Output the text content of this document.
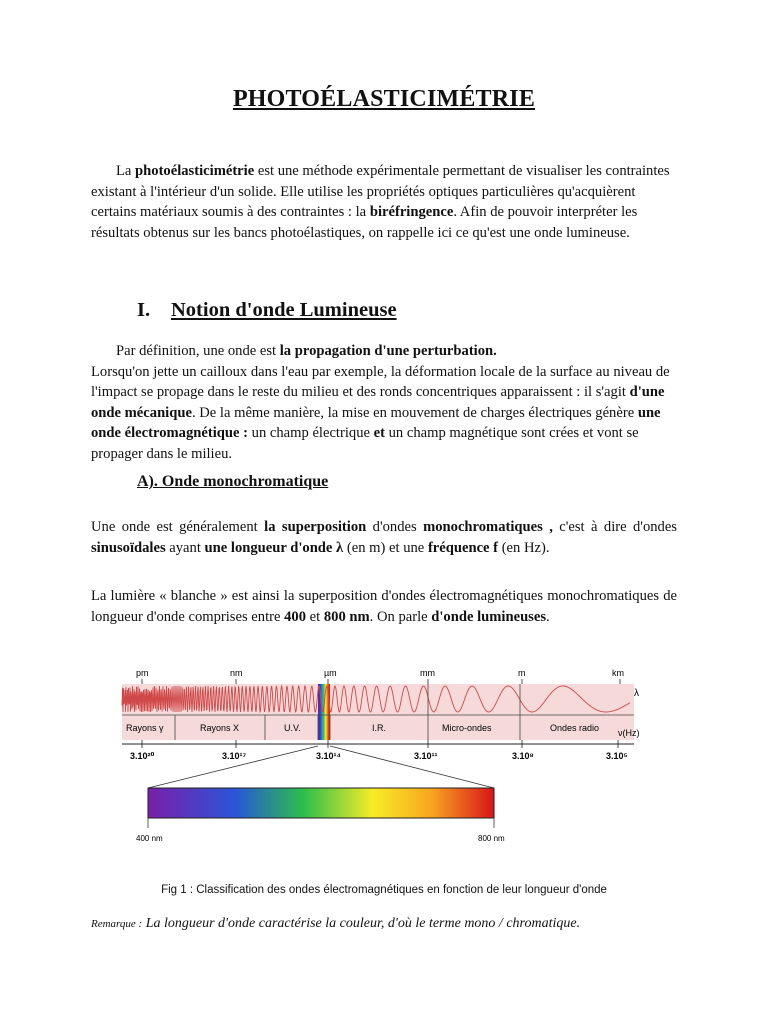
PHOTOÉLASTICIMÉTRIE
La photoélasticimétrie est une méthode expérimentale permettant de visualiser les contraintes existant à l'intérieur d'un solide. Elle utilise les propriétés optiques particulières qu'acquièrent certains matériaux soumis à des contraintes : la biréfringence. Afin de pouvoir interpréter les résultats obtenus sur les bancs photoélastiques, on rappelle ici ce qu'est une onde lumineuse.
I. Notion d'onde Lumineuse
Par définition, une onde est la propagation d'une perturbation.
Lorsqu'on jette un cailloux dans l'eau par exemple, la déformation locale de la surface au niveau de l'impact se propage dans le reste du milieu et des ronds concentriques apparaissent : il s'agit d'une onde mécanique. De la même manière, la mise en mouvement de charges électriques génère une onde électromagnétique : un champ électrique et un champ magnétique sont crées et vont se propager dans le milieu.
A). Onde monochromatique
Une onde est généralement la superposition d'ondes monochromatiques , c'est à dire d'ondes sinusoïdales ayant une longueur d'onde λ (en m) et une fréquence f (en Hz).
La lumière « blanche » est ainsi la superposition d'ondes électromagnétiques monochromatiques de longueur d'onde comprises entre 400 et 800 nm. On parle d'onde lumineuses.
pm	nm	µm	mm	m	km
λ
Rayons γ	Rayons X	U.V.	I.R.	Micro-ondes	Ondes radio ν(Hz)
3.10²⁰	3.10¹⁷	3.10¹⁴	3.10¹¹	3.10⁸	3.10⁵
400 nm	800 nm
Fig 1 : Classification des ondes électromagnétiques en fonction de leur longueur d'onde
Remarque : La longueur d'onde caractérise la couleur, d'où le terme mono / chromatique.
